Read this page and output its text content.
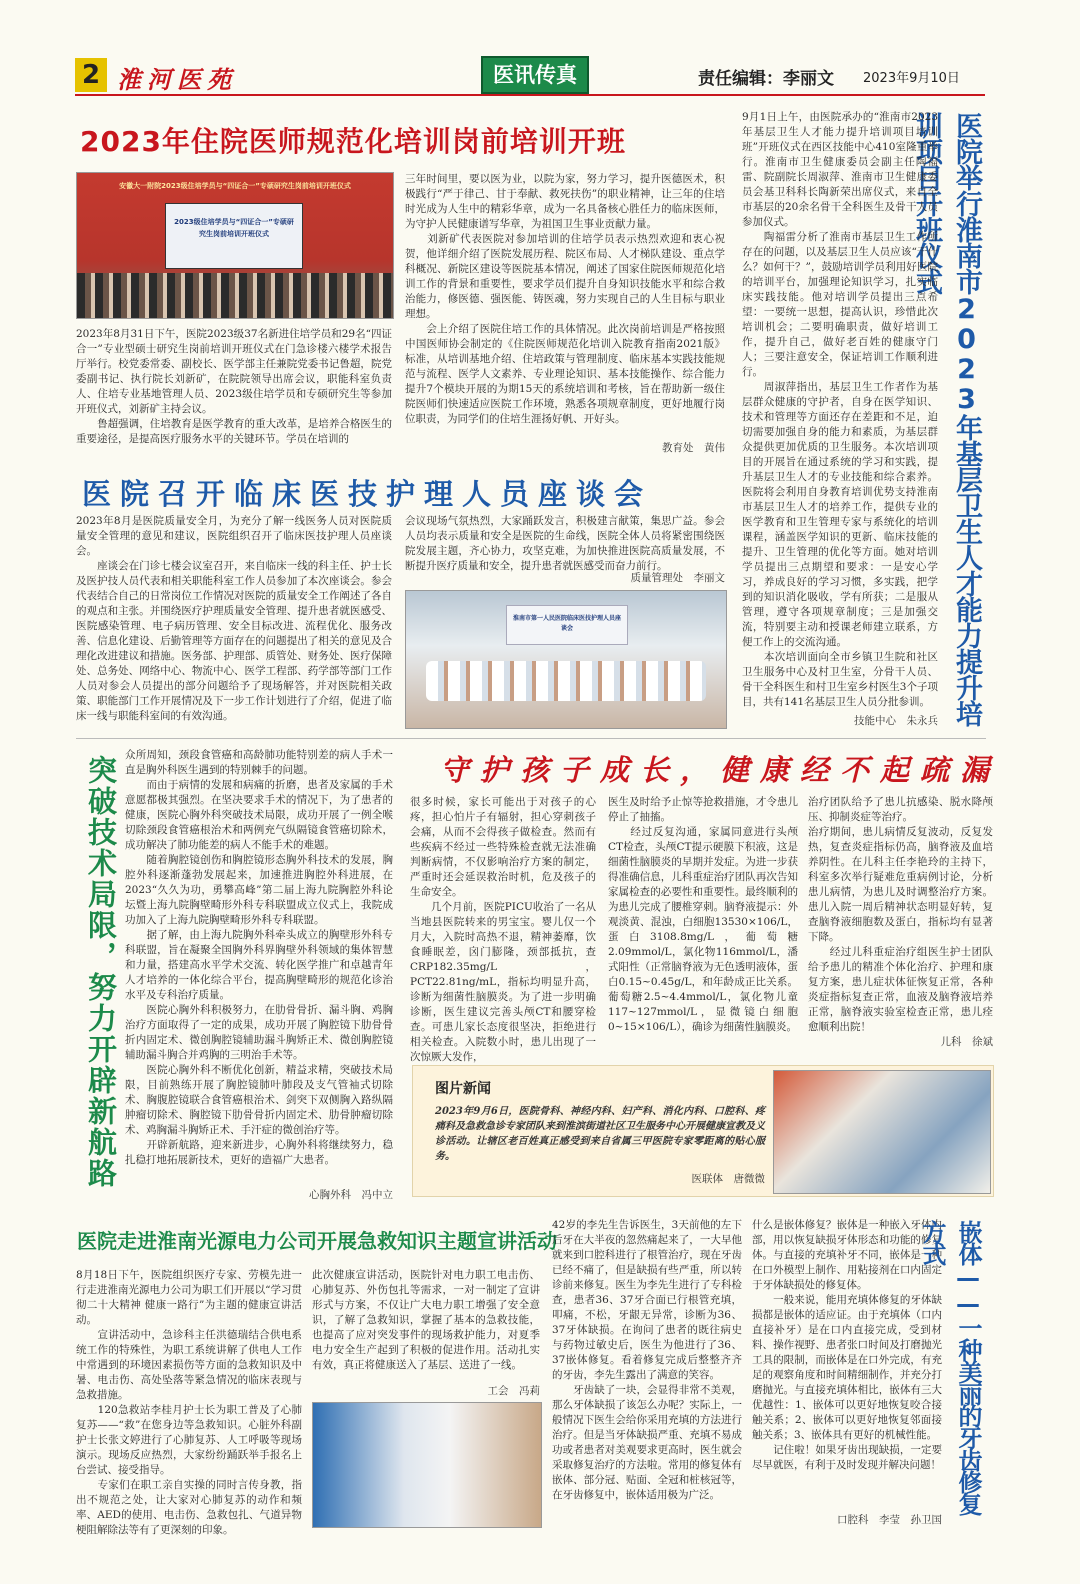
2 淮河医苑	医讯传真	责任编辑：李丽文 2023年9月10日
2023年住院医师规范化培训岗前培训开班
安徽大一附院2023级住培学员与“四证合一”专硕研究生岗前培训开班仪式
2023级住培学员与“四证合一”专硕研究生岗前培训开班仪式
2023年8月31日下午，医院2023级37名新进住培学员和29名“四证合一”专业型硕士研究生岗前培训开班仪式在门急诊楼六楼学术报告厅举行。校党委常委、副校长、医学部主任兼院党委书记鲁超，院党委副书记、执行院长刘新矿，在院院领导出席会议，职能科室负责人、住培专业基地管理人员、2023级住培学员和专硕研究生等参加开班仪式，刘新矿主持会议。
　　鲁超强调，住培教育是医学教育的重大改革，是培养合格医生的重要途径，是提高医疗服务水平的关键环节。学员在培训的
三年时间里，要以医为业，以院为家，努力学习，提升医德医术，积极践行“严于律己、甘于奉献、救死扶伤”的职业精神，让三年的住培时光成为人生中的精彩华章，成为一名具备核心胜任力的临床医师，为守护人民健康谱写华章，为祖国卫生事业贡献力量。
　　刘新矿代表医院对参加培训的住培学员表示热烈欢迎和衷心祝贺，他详细介绍了医院发展历程、院区布局、人才梯队建设、重点学科概况、新院区建设等医院基本情况，阐述了国家住院医师规范化培训工作的背景和重要性，要求学员们提升自身知识技能水平和综合救治能力，修医德、强医能、铸医魂，努力实现自己的人生目标与职业理想。
　　会上介绍了医院住培工作的具体情况。此次岗前培训是严格按照中国医师协会制定的《住院医师规范化培训入院教育指南2021版》标准，从培训基地介绍、住培政策与管理制度、临床基本实践技能规范与流程、医学人文素养、专业理论知识、基本技能操作、综合能力提升7个模块开展的为期15天的系统培训和考核，旨在帮助新一级住院医师们快速适应医院工作环境，熟悉各项规章制度，更好地履行岗位职责，为同学们的住培生涯扬好帆、开好头。
教育处　黄伟
医院召开临床医技护理人员座谈会
2023年8月是医院质量安全月，为充分了解一线医务人员对医院质量安全管理的意见和建议，医院组织召开了临床医技护理人员座谈会。
　　座谈会在门诊七楼会议室召开，来自临床一线的科主任、护士长及医护技人员代表和相关职能科室工作人员参加了本次座谈会。参会代表结合自己的日常岗位工作情况对医院的质量安全工作阐述了各自的观点和主张。并围绕医疗护理质量安全管理、提升患者就医感受、医院感染管理、电子病历管理、安全目标改进、流程优化、服务改善、信息化建设、后勤管理等方面存在的问题提出了相关的意见及合理化改进建议和措施。医务部、护理部、质管处、财务处、医疗保障处、总务处、网络中心、物流中心、医学工程部、药学部等部门工作人员对参会人员提出的部分问题给予了现场解答，并对医院相关政策、职能部门工作开展情况及下一步工作计划进行了介绍，促进了临床一线与职能科室间的有效沟通。
会议现场气氛热烈，大家踊跃发言，积极建言献策，集思广益。参会人员均表示质量和安全是医院的生命线，医院全体人员将紧密围绕医院发展主题，齐心协力，攻坚克难，为加快推进医院高质量发展，不断提升医疗质量和安全，提升患者就医感受而奋力前行。
质量管理处　李丽文
淮南市第一人民医院临床医技护理人员座谈会	医院举行淮南市2023年基层卫生人才能力提升培训项目开班仪式
9月1日上午，由医院承办的“淮南市2023年基层卫生人才能力提升培训项目培训班”开班仪式在西区技能中心410室隆重举行。淮南市卫生健康委员会副主任陶福雷、院副院长周淑萍、淮南市卫生健康委员会基卫科科长陶新荣出席仪式，来自全市基层的20余名骨干全科医生及骨干人员参加仪式。
　　陶福雷分析了淮南市基层卫生工作所存在的问题，以及基层卫生人员应该“干什么？如何干？”，鼓励培训学员利用好医院的培训平台，加强理论知识学习，扎实临床实践技能。他对培训学员提出三点希望：一要统一思想，提高认识，珍惜此次培训机会；二要明确职责，做好培训工作，提升自己，做好老百姓的健康守门人；三要注意安全，保证培训工作顺利进行。
　　周淑萍指出，基层卫生工作者作为基层群众健康的守护者，自身在医学知识、技术和管理等方面还存在差距和不足，迫切需要加强自身的能力和素质，为基层群众提供更加优质的卫生服务。本次培训项目的开展旨在通过系统的学习和实践，提升基层卫生人才的专业技能和综合素养。医院将会利用自身教育培训优势支持淮南市基层卫生人才的培养工作，提供专业的医学教育和卫生管理专家与系统化的培训课程，涵盖医学知识的更新、临床技能的提升、卫生管理的优化等方面。她对培训学员提出三点期望和要求：一是安心学习，养成良好的学习习惯，多实践，把学到的知识消化吸收，学有所获；二是服从管理，遵守各项规章制度；三是加强交流，特别要主动和授课老师建立联系，方便工作上的交流沟通。
　　本次培训面向全市乡镇卫生院和社区卫生服务中心及村卫生室，分骨干人员、骨干全科医生和村卫生室乡村医生3个子项目，共有141名基层卫生人员分批参训。
技能中心　朱永兵
突破技术局限，努力开辟新航路 众所周知，颈段食管癌和高龄肺功能特别差的病人手术一直是胸外科医生遇到的特别棘手的问题。
　　而由于病情的发展和病痛的折磨，患者及家属的手术意愿都极其强烈。在坚决要求手术的情况下，为了患者的健康，医院心胸外科突破技术局限，成功开展了一例全喉切除颈段食管癌根治术和两例充气纵隔镜食管癌切除术，成功解决了肺功能差的病人不能手术的难题。
　　随着胸腔镜创伤和胸腔镜形态胸外科技术的发展，胸腔外科逐渐蓬勃发展起来，加速推进胸腔外科进展，在2023“久久为功，勇攀高峰”第二届上海九院胸腔外科论坛暨上海九院胸壁畸形外科专科联盟成立仪式上，我院成功加入了上海九院胸壁畸形外科专科联盟。
　　据了解，由上海九院胸外科牵头成立的胸壁形外科专科联盟，旨在凝聚全国胸外科界胸壁外科领域的集体智慧和力量，搭建高水平学术交流、转化医学推广和卓越青年人才培养的一体化综合平台，提高胸壁畸形的规范化诊治水平及专科治疗质量。
　　医院心胸外科积极努力，在肋骨骨折、漏斗胸、鸡胸治疗方面取得了一定的成果，成功开展了胸腔镜下肋骨骨折内固定术、微创胸腔镜辅助漏斗胸矫正术、微创胸腔镜辅助漏斗胸合并鸡胸的三明治手术等。
　　医院心胸外科不断优化创新，精益求精，突破技术局限，目前熟练开展了胸腔镜肺叶肺段及支气管袖式切除术、胸腹腔镜联合食管癌根治术、剑突下双侧胸入路纵隔肿瘤切除术、胸腔镜下肋骨骨折内固定术、肋骨肿瘤切除术、鸡胸漏斗胸矫正术、手汗症的微创治疗等。
　　开辟新航路，迎来新进步，心胸外科将继续努力，稳扎稳打地拓展新技术，更好的造福广大患者。
心胸外科　冯中立
守护孩子成长，健康经不起疏漏
很多时候，家长可能出于对孩子的心疼，担心怕片子有辐射，担心穿刺孩子会痛，从而不会得孩子做检查。然而有些疾病不经过一些特殊检查就无法准确判断病情，不仅影响治疗方案的制定，严重时还会延误救治时机，危及孩子的生命安全。
　　几个月前，医院PICU收治了一名从当地县医院转来的男宝宝。婴儿仅一个月大，入院时高热不退，精神萎靡，饮食睡眠差，囟门膨隆，颈部抵抗，查CRP182.35mg/L，PCT22.81ng/mL，指标均明显升高，诊断为细菌性脑膜炎。为了进一步明确诊断，医生建议完善头颅CT和腰穿检查。可患儿家长态度很坚决，拒绝进行相关检查。入院数小时，患儿出现了一次惊厥大发作，
医生及时给予止惊等抢救措施，才令患儿停止了抽搐。
　　经过反复沟通，家属同意进行头颅CT检查，头颅CT提示硬膜下积液，这是细菌性脑膜炎的早期并发症。为进一步获得准确信息，儿科重症治疗团队再次告知家属检查的必要性和重要性。最终顺利的为患儿完成了腰椎穿刺。脑脊液提示：外观淡黄、混浊，白细胞13530×106/L，蛋白3108.8mg/L，葡萄糖2.09mmol/L，氯化物116mmol/L，潘式阳性（正常脑脊液为无色透明液体，蛋白0.15~0.45g/L，和年龄成正比关系。葡萄糖2.5~4.4mmol/L，氯化物儿童117~127mmol/L，显微镜白细胞0~15×106/L），确诊为细菌性脑膜炎。
治疗团队给予了患儿抗感染、脱水降颅压、抑制炎症等治疗。
治疗期间，患儿病情反复波动，反复发热，复查炎症指标仍高，脑脊液及血培养阴性。在儿科主任李艳玲的主持下，科室多次举行疑难危重病例讨论，分析患儿病情，为患儿及时调整治疗方案。患儿入院一周后精神状态明显好转，复查脑脊液细胞数及蛋白，指标均有显著下降。
　　经过儿科重症治疗组医生护士团队给予患儿的精准个体化治疗、护理和康复方案，患儿症状体征恢复正常，各种炎症指标复查正常，血液及脑脊液培养正常，脑脊液实验室检查正常，患儿痊愈顺利出院！
儿科　徐斌
图片新闻
2023年9月6日，医院骨科、神经内科、妇产科、消化内科、口腔科、疼痛科及急救急诊专家团队来到淮滨街道社区卫生服务中心开展健康宣教及义诊活动。让辖区老百姓真正感受到来自省属三甲医院专家零距离的贴心服务。
医联体　唐微微
医院走进淮南光源电力公司开展急救知识主题宣讲活动
8月18日下午，医院组织医疗专家、劳模先进一行走进淮南光源电力公司为职工们开展以“学习贯彻二十大精神 健康一路行”为主题的健康宣讲活动。
　　宣讲活动中，急诊科主任洪德瑞结合供电系统工作的特殊性，为职工系统讲解了供电人工作中常遇到的环境因素损伤等方面的急救知识及中暑、电击伤、高处坠落等紧急情况的临床表现与急救措施。
　　120急救站李桂月护士长为职工普及了心肺复苏——“救”在您身边等急救知识。心脏外科副护士长张文婷进行了心肺复苏、人工呼吸等现场演示。现场反应热烈，大家纷纷踊跃举手报名上台尝试、接受指导。
　　专家们在职工亲自实操的同时言传身教，指出不规范之处，让大家对心肺复苏的动作和频率、AED的使用、电击伤、急救包扎、气道异物梗阻解除法等有了更深刻的印象。
此次健康宣讲活动，医院针对电力职工电击伤、心肺复苏、外伤包扎等需求，一对一制定了宣讲形式与方案，不仅让广大电力职工增强了安全意识，了解了急救知识，掌握了基本的急救技能，也提高了应对突发事件的现场救护能力，对夏季电力安全生产起到了积极的促进作用。活动扎实有效，真正将健康送入了基层、送进了一线。
工会　冯莉
42岁的李先生告诉医生，3天前他的左下后牙在大半夜的忽然痛起来了，一大早他就来到口腔科进行了根管治疗，现在牙齿已经不痛了，但是缺损有些严重，所以转诊前来修复。医生为李先生进行了专科检查，患者36、37牙合面已行根管充填，叩痛，不松，牙龈无异常，诊断为36、37牙体缺损。在询问了患者的既往病史与药物过敏史后，医生为他进行了36、37嵌体修复。看着修复完成后整整齐齐的牙齿，李先生露出了满意的笑容。
　　牙齿缺了一块，会显得非常不美观，那么牙体缺损了该怎么办呢？实际上，一般情况下医生会给你采用充填的方法进行治疗。但是当牙体缺损严重、充填不易成功或者患者对美观要求更高时，医生就会采取修复治疗的方法啦。常用的修复体有嵌体、部分冠、贴面、全冠和桩核冠等，在牙齿修复中，嵌体适用极为广泛。
什么是嵌体修复？嵌体是一种嵌入牙体内部，用以恢复缺损牙体形态和功能的修复体。与直接的充填补牙不同，嵌体是一种在口外模型上制作、用粘接剂在口内固定于牙体缺损处的修复体。
　　一般来说，能用充填体修复的牙体缺损都是嵌体的适应证。由于充填体（口内直接补牙）是在口内直接完成，受到材料、操作视野、患者张口时间及打磨抛光工具的限制，而嵌体是在口外完成，有充足的观察角度和时间精细制作，并充分打磨抛光。与直接充填体相比，嵌体有三大优越性：1、嵌体可以更好地恢复咬合接触关系；2、嵌体可以更好地恢复邻面接触关系；3、嵌体具有更好的机械性能。
　　记住啦！如果牙齿出现缺损，一定要尽早就医，有利于及时发现并解决问题！
口腔科　李莹　孙卫国
嵌体——一种美丽的牙齿修复方式
